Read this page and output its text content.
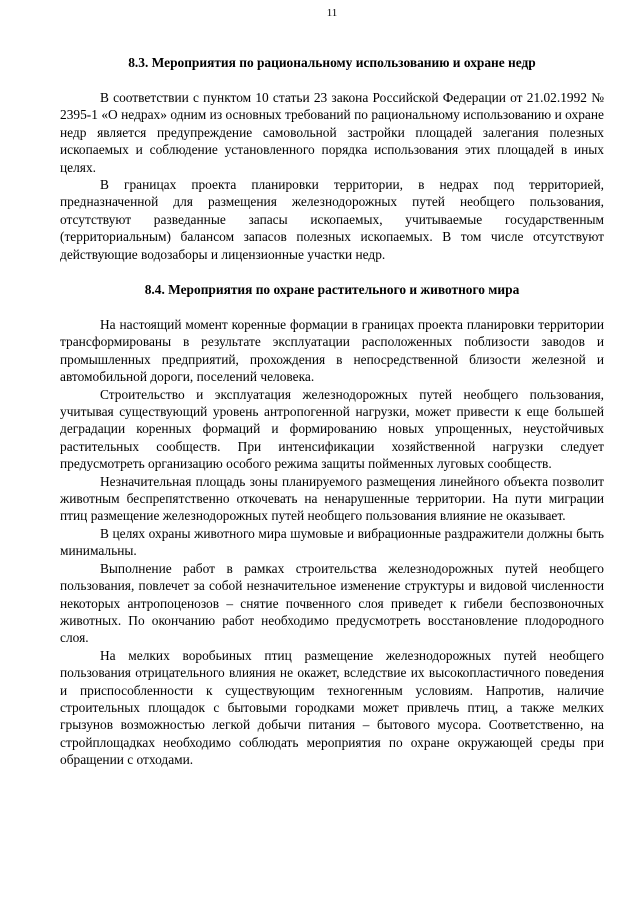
11
8.3. Мероприятия по рациональному использованию и охране недр

В соответствии с пунктом 10 статьи 23 закона Российской Федерации от 21.02.1992 № 2395-1 «О недрах» одним из основных требований по рациональному использованию и охране недр является предупреждение самовольной застройки площадей залегания полезных ископаемых и соблюдение установленного порядка использования этих площадей в иных целях.

В границах проекта планировки территории, в недрах под территорией, предназначенной для размещения железнодорожных путей необщего пользования, отсутствуют разведанные запасы ископаемых, учитываемые государственным (территориальным) балансом запасов полезных ископаемых. В том числе отсутствуют действующие водозаборы и лицензионные участки недр.

8.4. Мероприятия по охране растительного и животного мира

На настоящий момент коренные формации в границах проекта планировки территории трансформированы в результате эксплуатации расположенных поблизости заводов и промышленных предприятий, прохождения в непосредственной близости железной и автомобильной дороги, поселений человека.

Строительство и эксплуатация железнодорожных путей необщего пользования, учитывая существующий уровень антропогенной нагрузки, может привести к еще большей деградации коренных формаций и формированию новых упрощенных, неустойчивых растительных сообществ. При интенсификации хозяйственной нагрузки следует предусмотреть организацию особого режима защиты пойменных луговых сообществ.

Незначительная площадь зоны планируемого размещения линейного объекта позволит животным беспрепятственно откочевать на ненарушенные территории. На пути миграции птиц размещение железнодорожных путей необщего пользования влияние не оказывает.

В целях охраны животного мира шумовые и вибрационные раздражители должны быть минимальны.

Выполнение работ в рамках строительства железнодорожных путей необщего пользования, повлечет за собой незначительное изменение структуры и видовой численности некоторых антропоценозов – снятие почвенного слоя приведет к гибели беспозвоночных животных. По окончанию работ необходимо предусмотреть восстановление плодородного слоя.

На мелких воробьиных птиц размещение железнодорожных путей необщего пользования отрицательного влияния не окажет, вследствие их высокопластичного поведения и приспособленности к существующим техногенным условиям. Напротив, наличие строительных площадок с бытовыми городками может привлечь птиц, а также мелких грызунов возможностью легкой добычи питания – бытового мусора. Соответственно, на стройплощадках необходимо соблюдать мероприятия по охране окружающей среды при обращении с отходами.
